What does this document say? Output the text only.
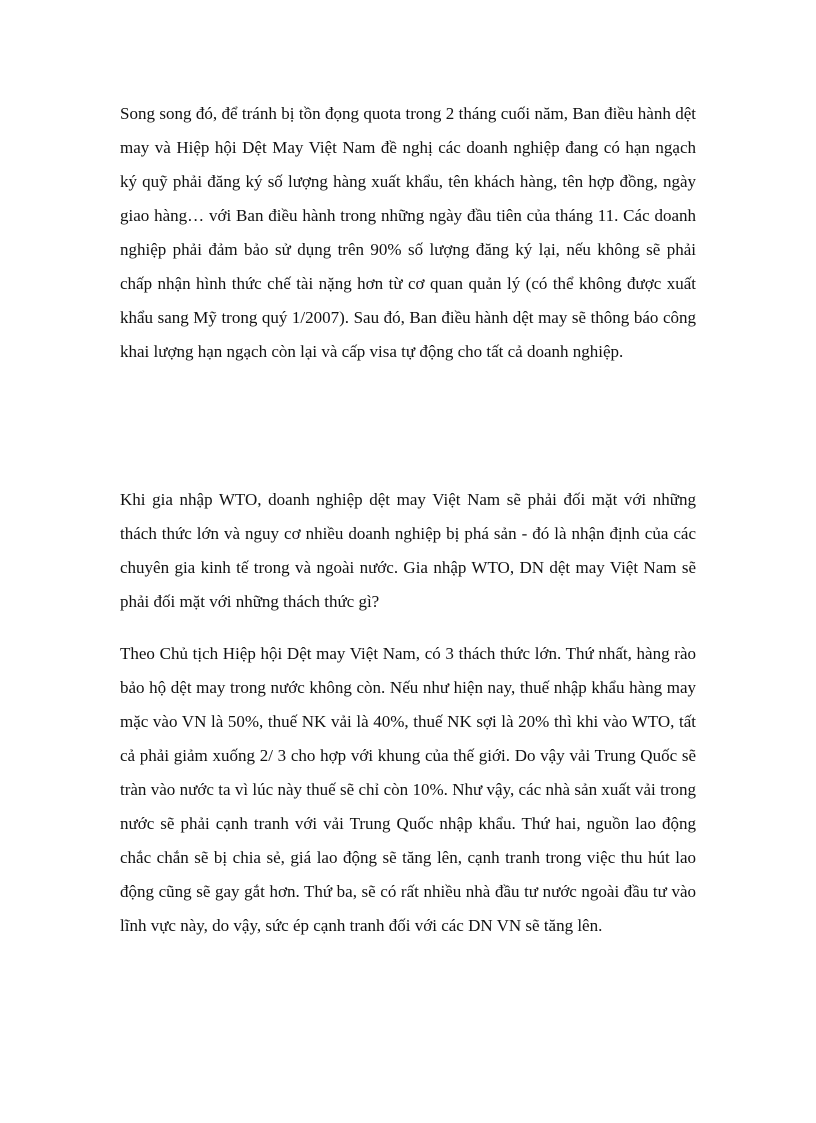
Song song đó, để tránh bị tồn đọng quota trong 2 tháng cuối năm, Ban điều hành dệt may và Hiệp hội Dệt May Việt Nam đề nghị các doanh nghiệp đang có hạn ngạch ký quỹ phải đăng ký số lượng hàng xuất khẩu, tên khách hàng, tên hợp đồng, ngày giao hàng… với Ban điều hành trong những ngày đầu tiên của tháng 11. Các doanh nghiệp phải đảm bảo sử dụng trên 90% số lượng đăng ký lại, nếu không sẽ phải chấp nhận hình thức chế tài nặng hơn từ cơ quan quản lý (có thể không được xuất khẩu sang Mỹ trong quý 1/2007). Sau đó, Ban điều hành dệt may sẽ thông báo công khai lượng hạn ngạch còn lại và cấp visa tự động cho tất cả doanh nghiệp.

Khi gia nhập WTO, doanh nghiệp dệt may Việt Nam sẽ phải đối mặt với những thách thức lớn và nguy cơ nhiều doanh nghiệp bị phá sản - đó là nhận định của các chuyên gia kinh tế trong và ngoài nước. Gia nhập WTO, DN dệt may Việt Nam sẽ phải đối mặt với những thách thức gì?

Theo Chủ tịch Hiệp hội Dệt may Việt Nam, có 3 thách thức lớn. Thứ nhất, hàng rào bảo hộ dệt may trong nước không còn. Nếu như hiện nay, thuế nhập khẩu hàng may mặc vào VN là 50%, thuế NK vải là 40%, thuế NK sợi là 20% thì khi vào WTO, tất cả phải giảm xuống 2/ 3 cho hợp với khung của thế giới. Do vậy vải Trung Quốc sẽ tràn vào nước ta vì lúc này thuế sẽ chỉ còn 10%. Như vậy, các nhà sản xuất vải trong nước sẽ phải cạnh tranh với vải Trung Quốc nhập khẩu. Thứ hai, nguồn lao động chắc chắn sẽ bị chia sẻ, giá lao động sẽ tăng lên, cạnh tranh trong việc thu hút lao động cũng sẽ gay gắt hơn. Thứ ba, sẽ có rất nhiều nhà đầu tư nước ngoài đầu tư vào lĩnh vực này, do vậy, sức ép cạnh tranh đối với các DN VN sẽ tăng lên.
